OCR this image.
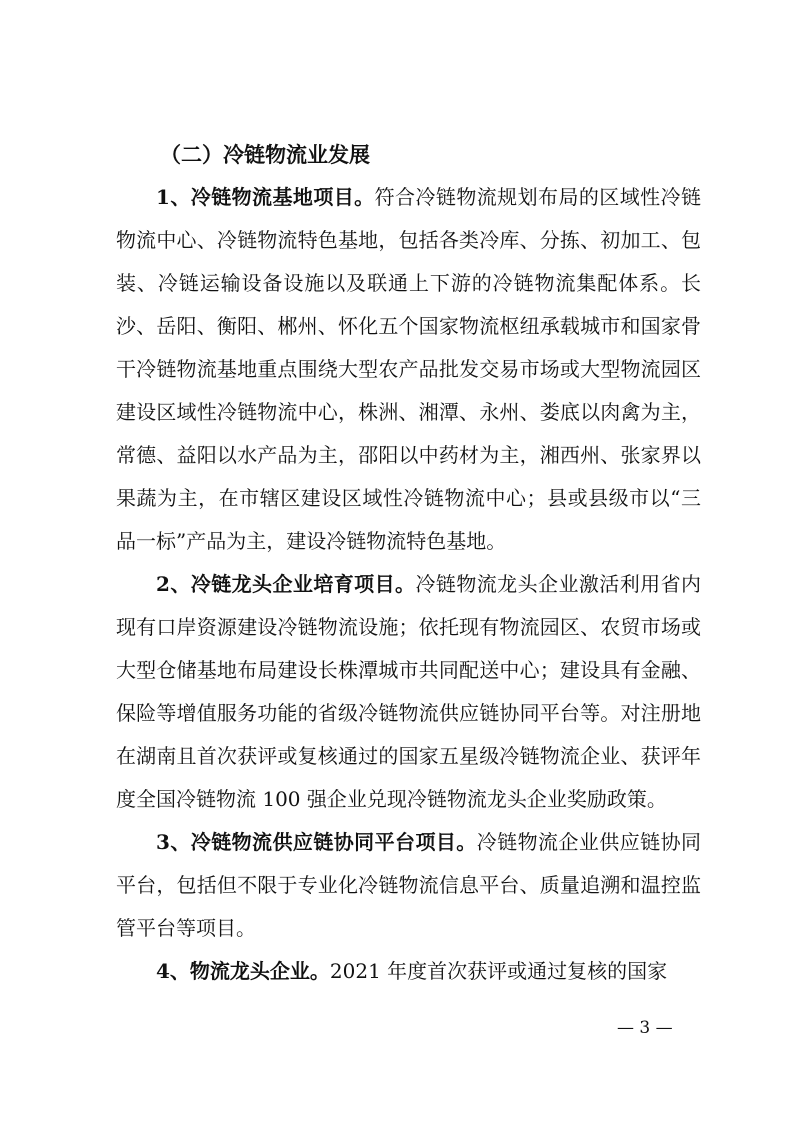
（二）冷链物流业发展

1、冷链物流基地项目。符合冷链物流规划布局的区域性冷链物流中心、冷链物流特色基地，包括各类冷库、分拣、初加工、包装、冷链运输设备设施以及联通上下游的冷链物流集配体系。长沙、岳阳、衡阳、郴州、怀化五个国家物流枢纽承载城市和国家骨干冷链物流基地重点围绕大型农产品批发交易市场或大型物流园区建设区域性冷链物流中心，株洲、湘潭、永州、娄底以肉禽为主，常德、益阳以水产品为主，邵阳以中药材为主，湘西州、张家界以果蔬为主，在市辖区建设区域性冷链物流中心；县或县级市以“三品一标”产品为主，建设冷链物流特色基地。

2、冷链龙头企业培育项目。冷链物流龙头企业激活利用省内现有口岸资源建设冷链物流设施；依托现有物流园区、农贸市场或大型仓储基地布局建设长株潭城市共同配送中心；建设具有金融、保险等增值服务功能的省级冷链物流供应链协同平台等。对注册地在湖南且首次获评或复核通过的国家五星级冷链物流企业、获评年度全国冷链物流 100 强企业兑现冷链物流龙头企业奖励政策。

3、冷链物流供应链协同平台项目。冷链物流企业供应链协同平台，包括但不限于专业化冷链物流信息平台、质量追溯和温控监管平台等项目。

4、物流龙头企业。2021 年度首次获评或通过复核的国家

— 3 —
